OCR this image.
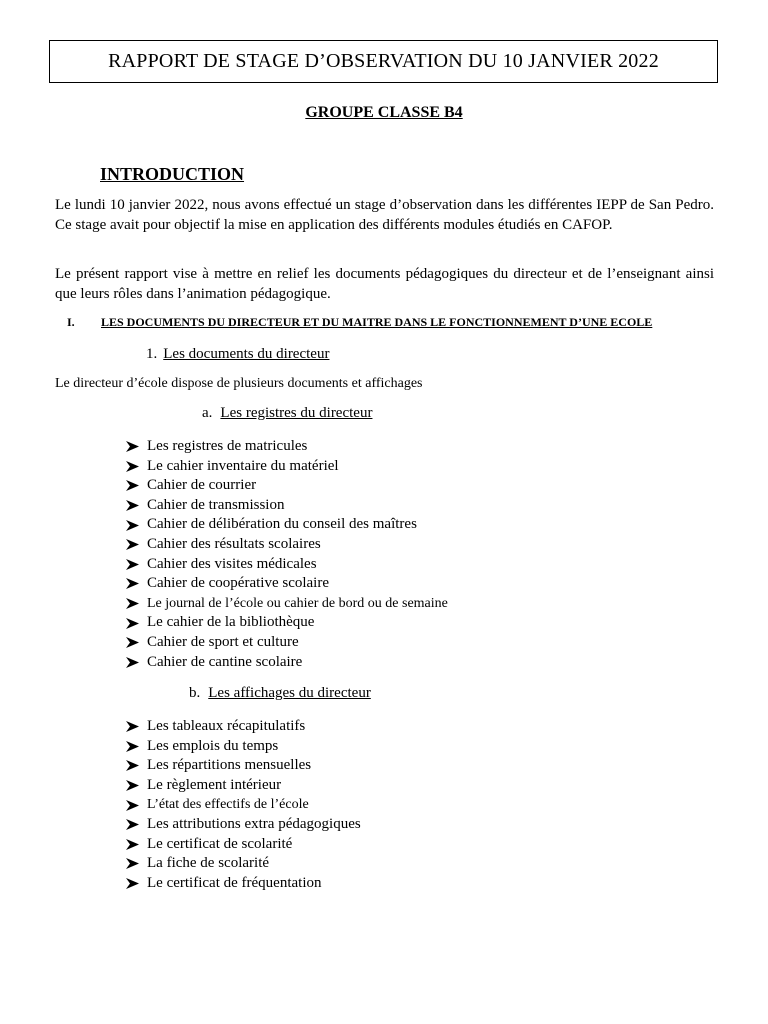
RAPPORT DE STAGE D’OBSERVATION DU 10 JANVIER 2022
GROUPE CLASSE B4
INTRODUCTION
Le lundi 10 janvier 2022, nous avons effectué un stage d’observation dans les différentes IEPP de San Pedro. Ce stage avait pour objectif la mise en application des différents modules étudiés en CAFOP.
Le présent rapport vise à mettre en relief les documents pédagogiques du directeur et de l’enseignant ainsi que leurs rôles dans l’animation pédagogique.
I. LES DOCUMENTS DU DIRECTEUR ET DU MAITRE DANS LE FONCTIONNEMENT D’UNE ECOLE
1. Les documents du directeur
Le directeur d’école dispose de plusieurs documents et affichages
a. Les registres du directeur
Les registres de matricules
Le cahier inventaire du matériel
Cahier de courrier
Cahier de transmission
Cahier de délibération du conseil des maîtres
Cahier des résultats scolaires
Cahier des visites médicales
Cahier de coopérative scolaire
Le journal de l’école ou cahier de bord ou de semaine
Le cahier de la bibliothèque
Cahier de sport et culture
Cahier de cantine scolaire
b. Les affichages du directeur
Les tableaux récapitulatifs
Les emplois du temps
Les répartitions mensuelles
Le règlement intérieur
L’état des effectifs de l’école
Les attributions extra pédagogiques
Le certificat de scolarité
La fiche de scolarité
Le certificat de fréquentation
